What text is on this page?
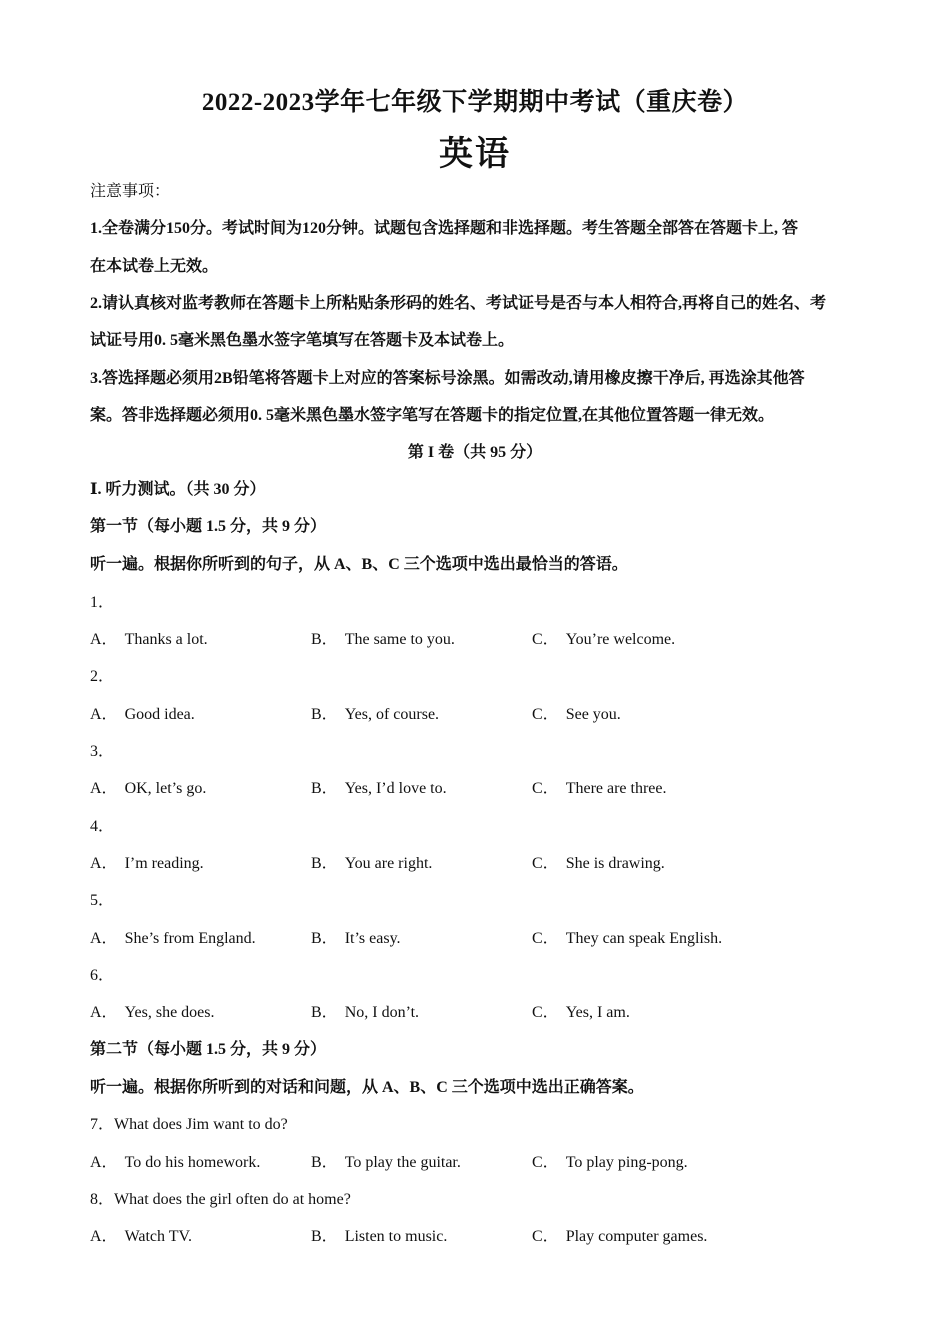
2022-2023学年七年级下学期期中考试（重庆卷）
英语
注意事项：
1.全卷满分150分。考试时间为120分钟。试题包含选择题和非选择题。考生答题全部答在答题卡上, 答
在本试卷上无效。
2.请认真核对监考教师在答题卡上所粘贴条形码的姓名、考试证号是否与本人相符合,再将自己的姓名、考
试证号用0. 5毫米黑色墨水签字笔填写在答题卡及本试卷上。
3.答选择题必须用2B铅笔将答题卡上对应的答案标号涂黑。如需改动,请用橡皮擦干净后, 再选涂其他答
案。答非选择题必须用0. 5毫米黑色墨水签字笔写在答题卡的指定位置,在其他位置答题一律无效。
第 I 卷（共 95 分）
Ⅰ. 听力测试。（共 30 分）
第一节（每小题 1.5 分，共 9 分）
听一遍。根据你所听到的句子，从 A、B、C 三个选项中选出最恰当的答语。
1．
A． Thanks a lot.	B． The same to you.	C． You’re welcome.
2．
A． Good idea.	B． Yes, of course.	C． See you.
3．
A． OK, let’s go.	B． Yes, I’d love to.	C． There are three.
4．
A． I’m reading.	B． You are right.	C． She is drawing.
5．
A． She’s from England.	B． It’s easy.	C． They can speak English.
6．
A． Yes, she does.	B． No, I don’t.	C． Yes, I am.
第二节（每小题 1.5 分，共 9 分）
听一遍。根据你所听到的对话和问题，从 A、B、C 三个选项中选出正确答案。
7．What does Jim want to do?
A． To do his homework.	B． To play the guitar.	C． To play ping-pong.
8．What does the girl often do at home?
A． Watch TV.	B． Listen to music.	C． Play computer games.
